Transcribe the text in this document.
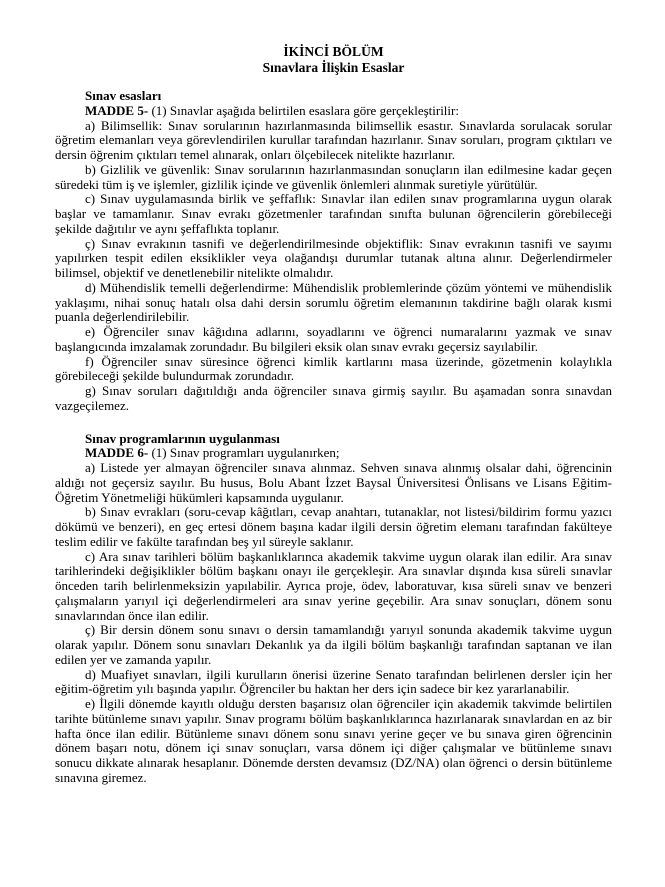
İKİNCİ BÖLÜM
Sınavlara İlişkin Esaslar
Sınav esasları

MADDE 5- (1) Sınavlar aşağıda belirtilen esaslara göre gerçekleştirilir:

a) Bilimsellik: Sınav sorularının hazırlanmasında bilimsellik esastır. Sınavlarda sorulacak sorular öğretim elemanları veya görevlendirilen kurullar tarafından hazırlanır. Sınav soruları, program çıktıları ve dersin öğrenim çıktıları temel alınarak, onları ölçebilecek nitelikte hazırlanır.

b) Gizlilik ve güvenlik: Sınav sorularının hazırlanmasından sonuçların ilan edilmesine kadar geçen süredeki tüm iş ve işlemler, gizlilik içinde ve güvenlik önlemleri alınmak suretiyle yürütülür.

c) Sınav uygulamasında birlik ve şeffaflık: Sınavlar ilan edilen sınav programlarına uygun olarak başlar ve tamamlanır. Sınav evrakı gözetmenler tarafından sınıfta bulunan öğrencilerin görebileceği şekilde dağıtılır ve aynı şeffaflıkta toplanır.

ç) Sınav evrakının tasnifi ve değerlendirilmesinde objektiflik: Sınav evrakının tasnifi ve sayımı yapılırken tespit edilen eksiklikler veya olağandışı durumlar tutanak altına alınır. Değerlendirmeler bilimsel, objektif ve denetlenebilir nitelikte olmalıdır.

d) Mühendislik temelli değerlendirme: Mühendislik problemlerinde çözüm yöntemi ve mühendislik yaklaşımı, nihai sonuç hatalı olsa dahi dersin sorumlu öğretim elemanının takdirine bağlı olarak kısmi puanla değerlendirilebilir.

e) Öğrenciler sınav kâğıdına adlarını, soyadlarını ve öğrenci numaralarını yazmak ve sınav başlangıcında imzalamak zorundadır. Bu bilgileri eksik olan sınav evrakı geçersiz sayılabilir.

f) Öğrenciler sınav süresince öğrenci kimlik kartlarını masa üzerinde, gözetmenin kolaylıkla görebileceği şekilde bulundurmak zorundadır.

g) Sınav soruları dağıtıldığı anda öğrenciler sınava girmiş sayılır. Bu aşamadan sonra sınavdan vazgeçilemez.

Sınav programlarının uygulanması

MADDE 6- (1) Sınav programları uygulanırken;

a) Listede yer almayan öğrenciler sınava alınmaz. Sehven sınava alınmış olsalar dahi, öğrencinin aldığı not geçersiz sayılır. Bu husus, Bolu Abant İzzet Baysal Üniversitesi Önlisans ve Lisans Eğitim-Öğretim Yönetmeliği hükümleri kapsamında uygulanır.

b) Sınav evrakları (soru-cevap kâğıtları, cevap anahtarı, tutanaklar, not listesi/bildirim formu yazıcı dökümü ve benzeri), en geç ertesi dönem başına kadar ilgili dersin öğretim elemanı tarafından fakülteye teslim edilir ve fakülte tarafından beş yıl süreyle saklanır.

c) Ara sınav tarihleri bölüm başkanlıklarınca akademik takvime uygun olarak ilan edilir. Ara sınav tarihlerindeki değişiklikler bölüm başkanı onayı ile gerçekleşir. Ara sınavlar dışında kısa süreli sınavlar önceden tarih belirlenmeksizin yapılabilir. Ayrıca proje, ödev, laboratuvar, kısa süreli sınav ve benzeri çalışmaların yarıyıl içi değerlendirmeleri ara sınav yerine geçebilir. Ara sınav sonuçları, dönem sonu sınavlarından önce ilan edilir.

ç) Bir dersin dönem sonu sınavı o dersin tamamlandığı yarıyıl sonunda akademik takvime uygun olarak yapılır. Dönem sonu sınavları Dekanlık ya da ilgili bölüm başkanlığı tarafından saptanan ve ilan edilen yer ve zamanda yapılır.

d) Muafiyet sınavları, ilgili kurulların önerisi üzerine Senato tarafından belirlenen dersler için her eğitim-öğretim yılı başında yapılır. Öğrenciler bu haktan her ders için sadece bir kez yararlanabilir.

e) İlgili dönemde kayıtlı olduğu dersten başarısız olan öğrenciler için akademik takvimde belirtilen tarihte bütünleme sınavı yapılır. Sınav programı bölüm başkanlıklarınca hazırlanarak sınavlardan en az bir hafta önce ilan edilir. Bütünleme sınavı dönem sonu sınavı yerine geçer ve bu sınava giren öğrencinin dönem başarı notu, dönem içi sınav sonuçları, varsa dönem içi diğer çalışmalar ve bütünleme sınavı sonucu dikkate alınarak hesaplanır. Dönemde dersten devamsız (DZ/NA) olan öğrenci o dersin bütünleme sınavına giremez.
